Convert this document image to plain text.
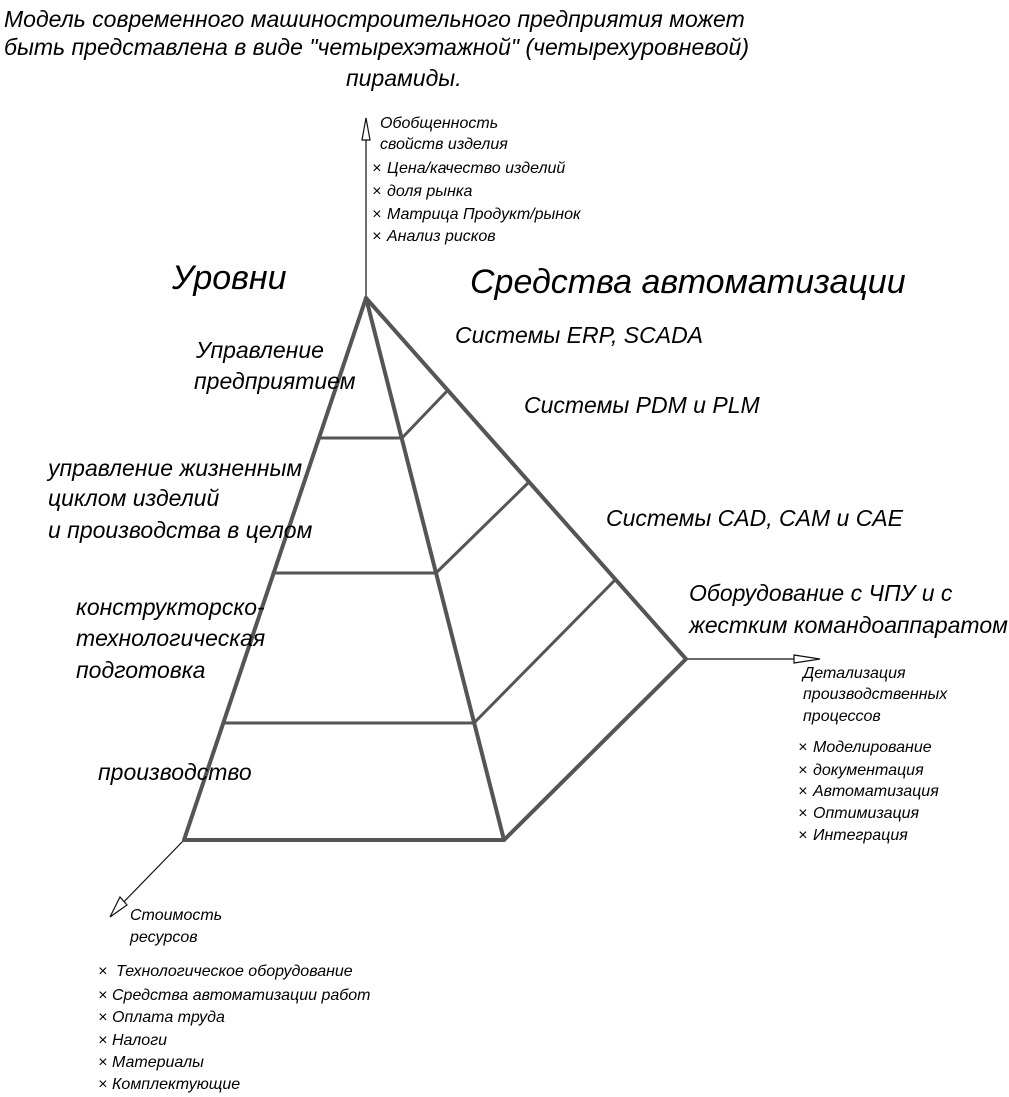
Модель современного машиностроительного предприятия может
быть представлена в виде "четырехэтажной" (четырехуровневой)
пирамиды.
Уровни	Средства автоматизации
Управление
предприятием
управление жизненным
циклом изделий
и производства в целом
конструкторско-
технологическая
подготовка
производство
Системы ERP, SCADA
Системы PDM и PLM
Системы CAD, CAM и CAE
Оборудование с ЧПУ и с
жестким командоаппаратом
Обобщенность
свойств изделия
× Цена/качество изделий
× доля рынка
× Матрица Продукт/рынок
× Анализ рисков
Детализация
производственных
процессов
× Моделирование
× документация
× Автоматизация
× Оптимизация
× Интеграция
Стоимость
ресурсов
× Технологическое оборудование
× Средства автоматизации работ
× Оплата труда
× Налоги
× Материалы
× Комплектующие
